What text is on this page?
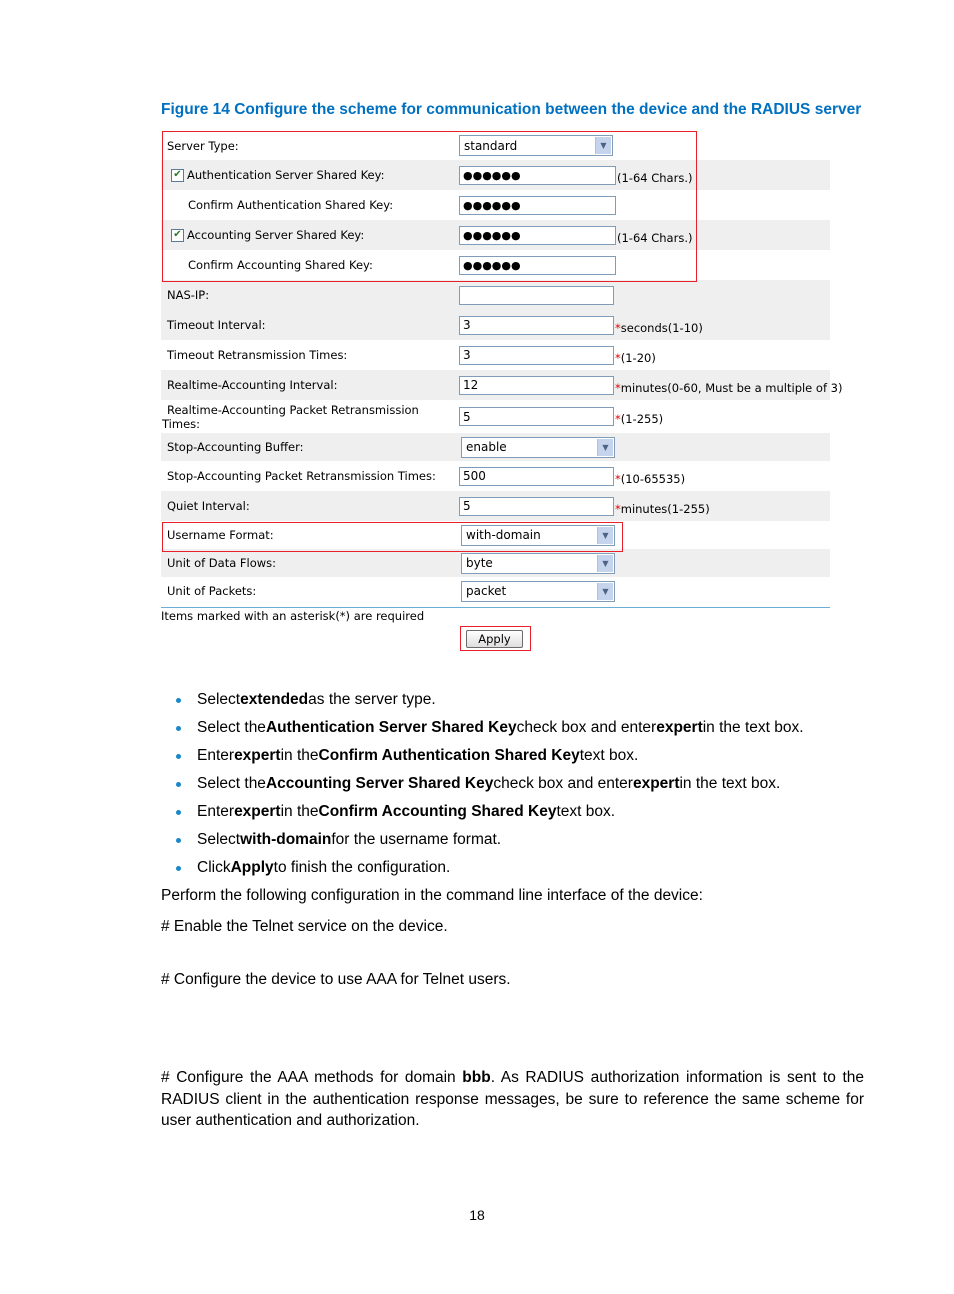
Figure 14 Configure the scheme for communication between the device and the RADIUS server
Server Type:	standard	▼
✔ Authentication Server Shared Key:	●●●●●●	(1-64 Chars.)
Confirm Authentication Shared Key:	●●●●●●
✔ Accounting Server Shared Key:	●●●●●●	(1-64 Chars.)
Confirm Accounting Shared Key:	●●●●●●
NAS-IP:
Timeout Interval:	3	* seconds(1-10)
Timeout Retransmission Times:	3	* (1-20)
Realtime-Accounting Interval:	12	* minutes(0-60, Must be a multiple of 3)
Realtime-Accounting Packet Retransmission
Times:	5	* (1-255)
Stop-Accounting Buffer:	enable	▼
Stop-Accounting Packet Retransmission Times:	500	* (10-65535)
Quiet Interval:	5	* minutes(1-255)
Username Format:	with-domain	▼
Unit of Data Flows:	byte	▼
Unit of Packets:	packet	▼
Items marked with an asterisk(*) are required
Apply
Select extended as the server type.
Select the Authentication Server Shared Key check box and enter expert in the text box.
Enter expert in the Confirm Authentication Shared Key text box.
Select the Accounting Server Shared Key check box and enter expert in the text box.
Enter expert in the Confirm Accounting Shared Key text box.
Select with-domain for the username format.
Click Apply to finish the configuration.
Perform the following configuration in the command line interface of the device:
# Enable the Telnet service on the device.
# Configure the device to use AAA for Telnet users.
# Configure the AAA methods for domain bbb. As RADIUS authorization information is sent to the RADIUS client in the authentication response messages, be sure to reference the same scheme for user authentication and authorization.
18
